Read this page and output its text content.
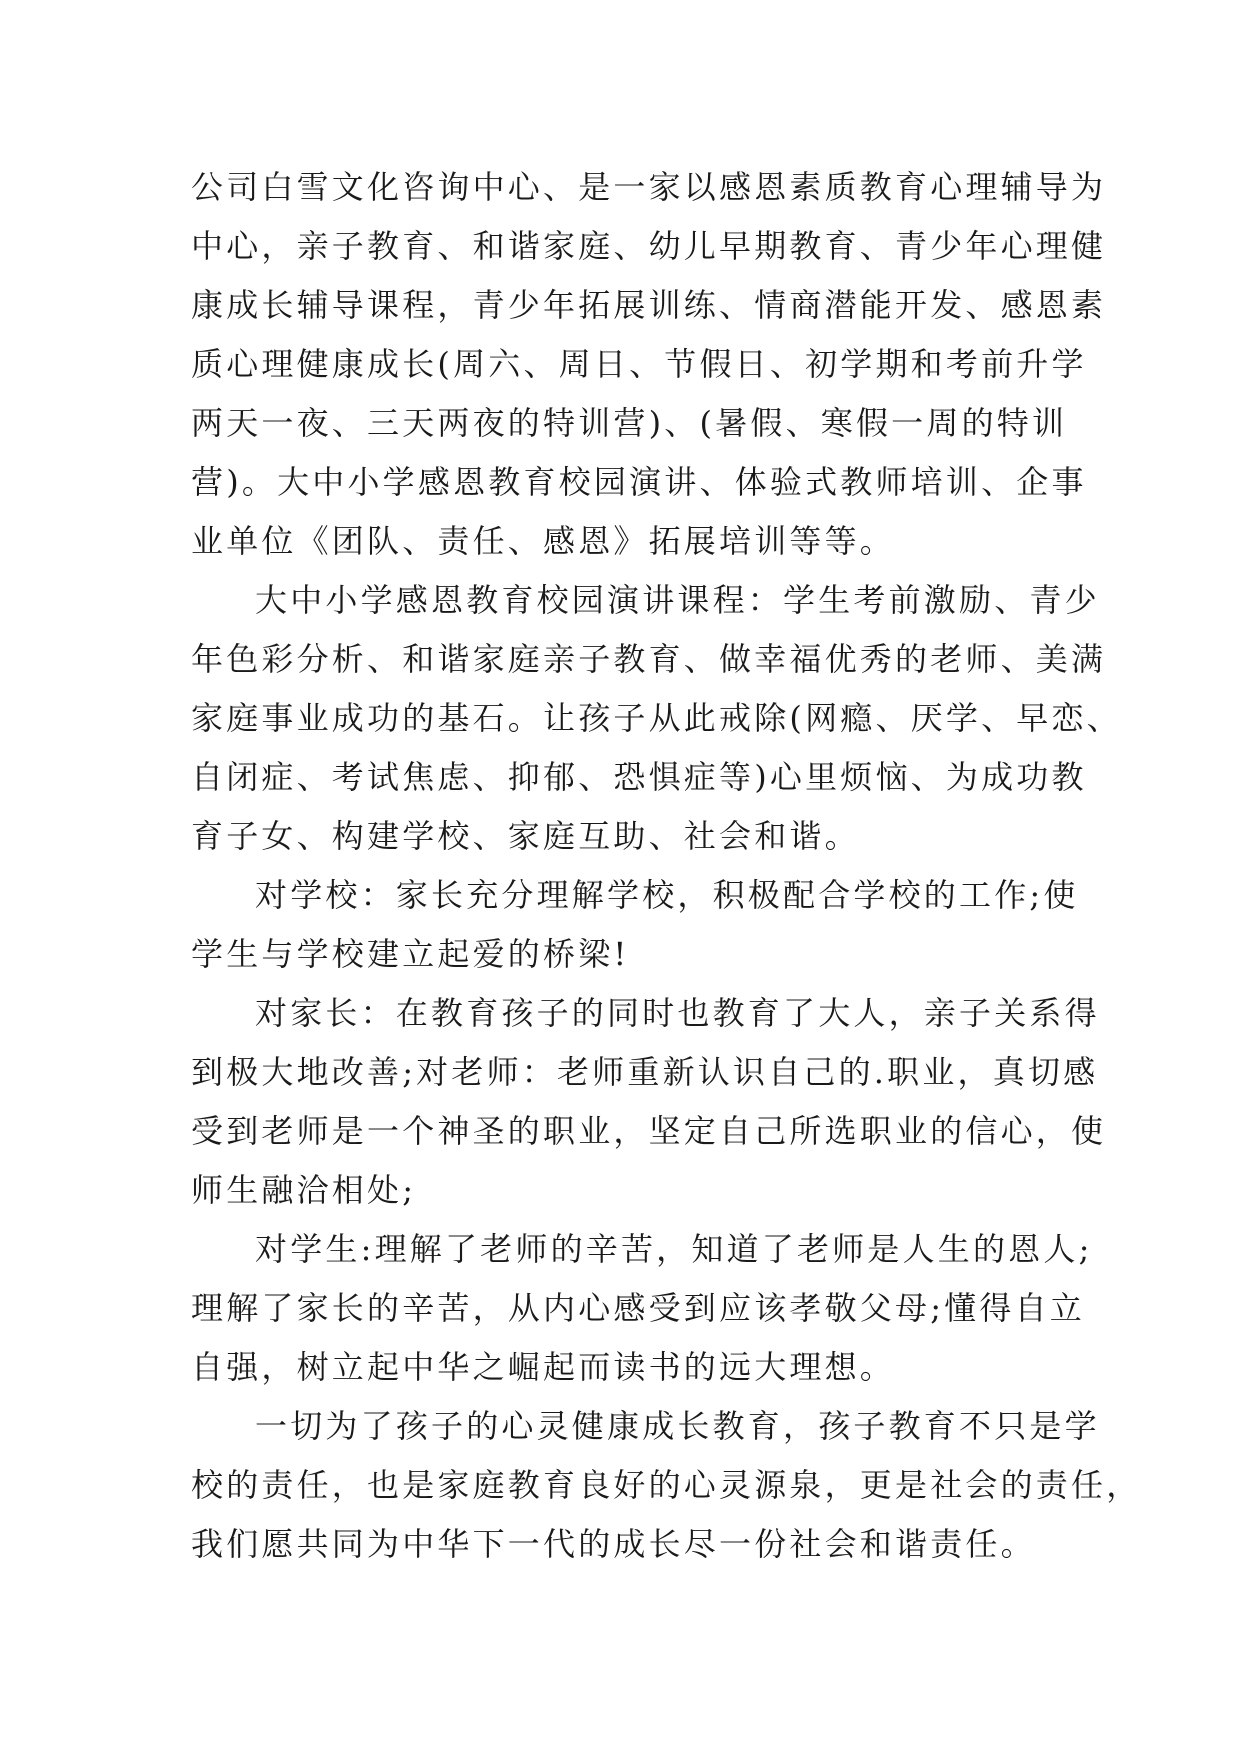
公司白雪文化咨询中心、是一家以感恩素质教育心理辅导为
中心，亲子教育、和谐家庭、幼儿早期教育、青少年心理健
康成长辅导课程，青少年拓展训练、情商潜能开发、感恩素
质心理健康成长(周六、周日、节假日、初学期和考前升学
两天一夜、三天两夜的特训营)、(暑假、寒假一周的特训
营)。大中小学感恩教育校园演讲、体验式教师培训、企事
业单位《团队、责任、感恩》拓展培训等等。
大中小学感恩教育校园演讲课程：学生考前激励、青少
年色彩分析、和谐家庭亲子教育、做幸福优秀的老师、美满
家庭事业成功的基石。让孩子从此戒除(网瘾、厌学、早恋、
自闭症、考试焦虑、抑郁、恐惧症等)心里烦恼、为成功教
育子女、构建学校、家庭互助、社会和谐。
对学校：家长充分理解学校，积极配合学校的工作;使
学生与学校建立起爱的桥梁!
对家长：在教育孩子的同时也教育了大人，亲子关系得
到极大地改善;对老师：老师重新认识自己的.职业，真切感
受到老师是一个神圣的职业，坚定自己所选职业的信心，使
师生融洽相处;
对学生:理解了老师的辛苦，知道了老师是人生的恩人;
理解了家长的辛苦，从内心感受到应该孝敬父母;懂得自立
自强，树立起中华之崛起而读书的远大理想。
一切为了孩子的心灵健康成长教育，孩子教育不只是学
校的责任，也是家庭教育良好的心灵源泉，更是社会的责任，
我们愿共同为中华下一代的成长尽一份社会和谐责任。
